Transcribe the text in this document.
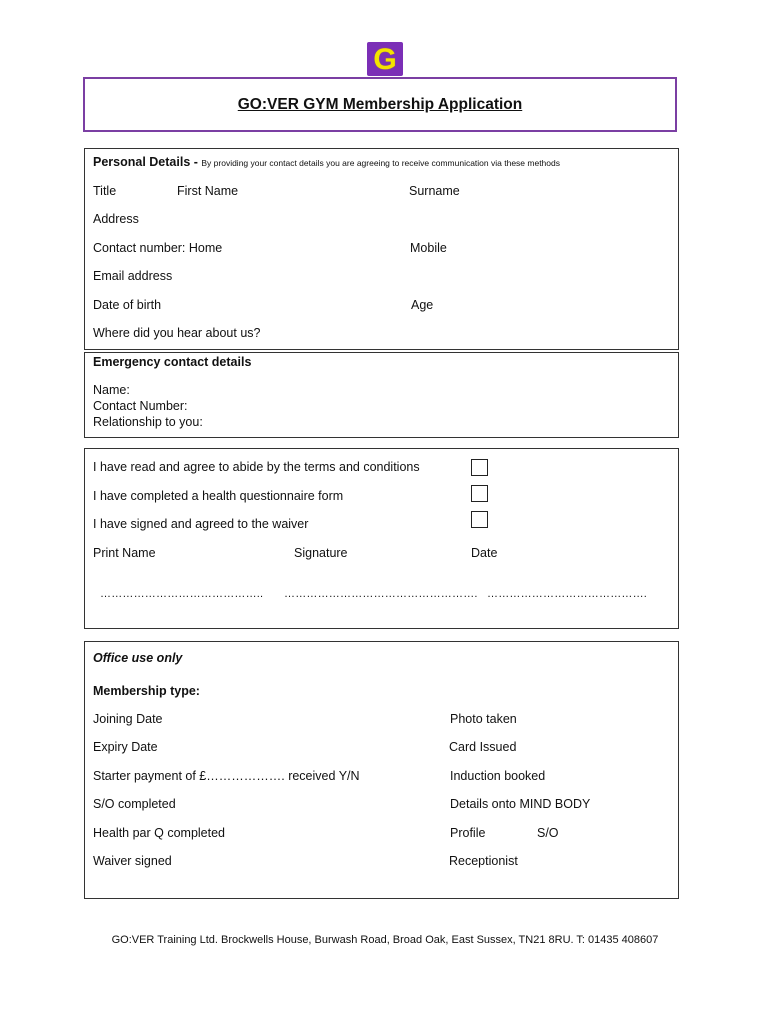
G
GO:VER GYM Membership Application
Personal Details - By providing your contact details you are agreeing to receive communication via these methods
Title	First Name	Surname
Address
Contact number: Home	Mobile
Email address
Date of birth	Age
Where did you hear about us?
Emergency contact details
Name:
Contact Number:
Relationship to you:
I have read and agree to abide by the terms and conditions
I have completed a health questionnaire form
I have signed and agreed to the waiver
Print Name	Signature	Date
…………………………………….. ……………………………………………. …………………………………….
Office use only
Membership type:
Joining Date	Photo taken
Expiry Date	Card Issued
Starter payment of £………………. received Y/N	Induction booked
S/O completed	Details onto MIND BODY
Health par Q completed	Profile	S/O
Waiver signed	Receptionist
GO:VER Training Ltd. Brockwells House, Burwash Road, Broad Oak, East Sussex, TN21 8RU. T: 01435 408607
